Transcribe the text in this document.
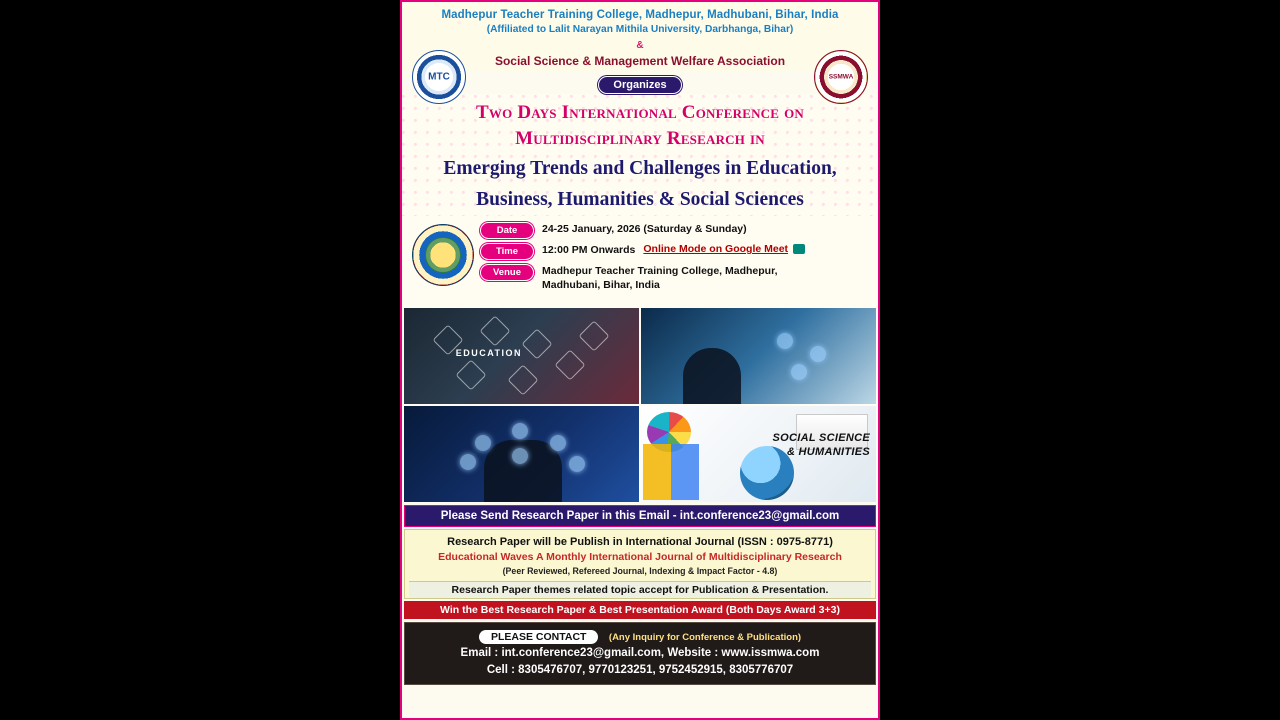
MTC
SSMWA
Madhepur Teacher Training College, Madhepur, Madhubani, Bihar, India
(Affiliated to Lalit Narayan Mithila University, Darbhanga, Bihar)
&
Social Science & Management Welfare Association
Organizes
Two Days International Conference on
Multidisciplinary Research in
Emerging Trends and Challenges in Education,
Business, Humanities & Social Sciences
Date	24-25 January, 2026 (Saturday & Sunday)
Time	12:00 PM Onwards Online Mode on Google Meet
Venue	Madhepur Teacher Training College, Madhepur,
Madhubani, Bihar, India
EDUCATION
SOCIAL SCIENCE
& HUMANITIES
Please Send Research Paper in this Email - int.conference23@gmail.com
Research Paper will be Publish in International Journal (ISSN : 0975-8771)
Educational Waves A Monthly International Journal of Multidisciplinary Research
(Peer Reviewed, Refereed Journal, Indexing & Impact Factor - 4.8)
Research Paper themes related topic accept for Publication & Presentation.
Win the Best Research Paper & Best Presentation Award (Both Days Award 3+3)
PLEASE CONTACT (Any Inquiry for Conference & Publication)
Email : int.conference23@gmail.com, Website : www.issmwa.com
Cell : 8305476707, 9770123251, 9752452915, 8305776707
